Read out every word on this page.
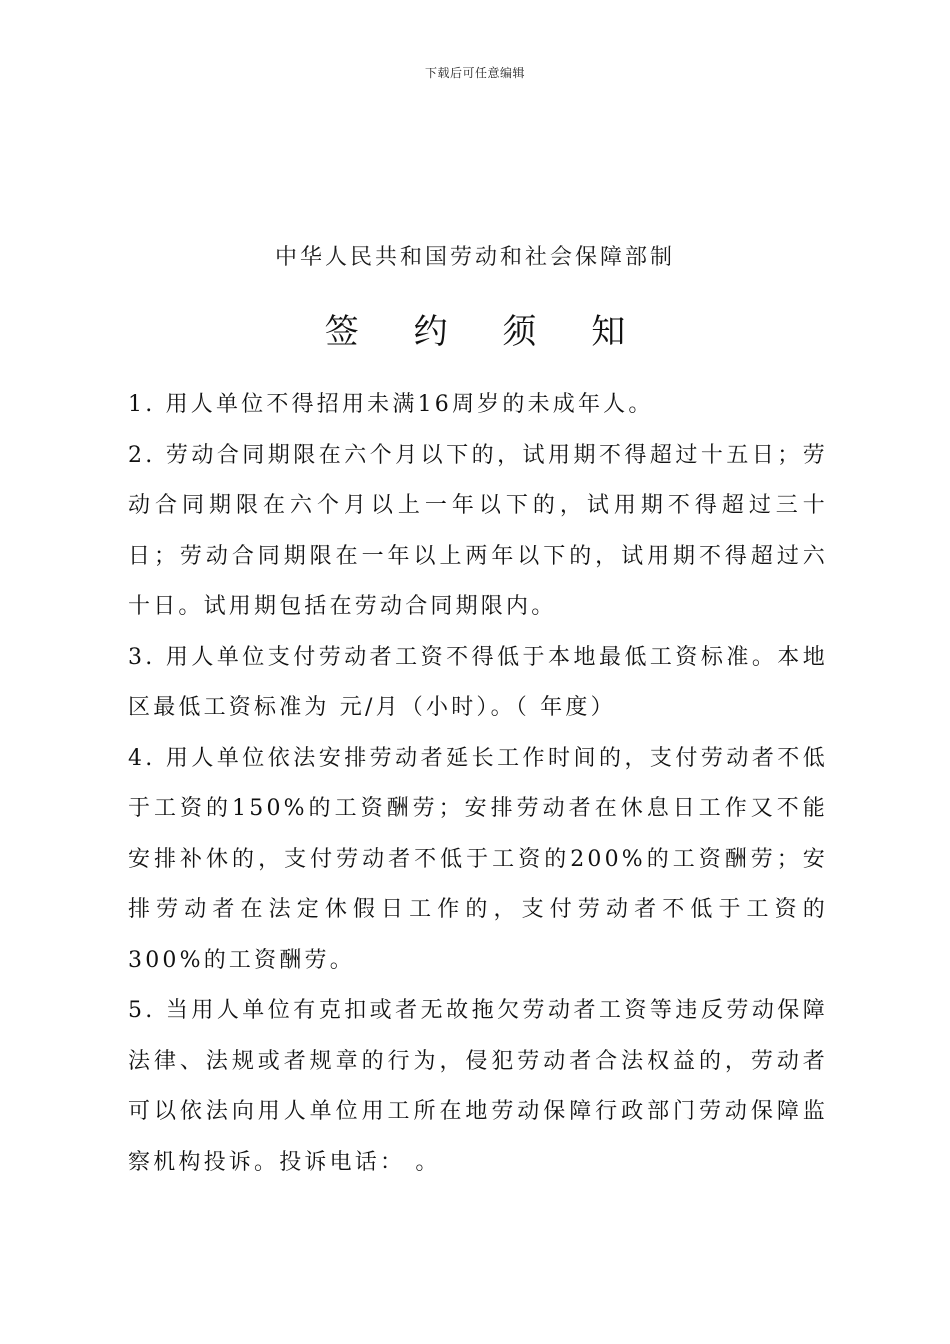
下载后可任意编辑
中华人民共和国劳动和社会保障部制
签 约 须 知

1. 用人单位不得招用未满16周岁的未成年人。

2. 劳动合同期限在六个月以下的，试用期不得超过十五日；劳动合同期限在六个月以上一年以下的，试用期不得超过三十日；劳动合同期限在一年以上两年以下的，试用期不得超过六十日。试用期包括在劳动合同期限内。

3. 用人单位支付劳动者工资不得低于本地最低工资标准。本地区最低工资标准为 元/月（小时）。（ 年度）

4. 用人单位依法安排劳动者延长工作时间的，支付劳动者不低于工资的150%的工资酬劳；安排劳动者在休息日工作又不能安排补休的，支付劳动者不低于工资的200%的工资酬劳；安排劳动者在法定休假日工作的，支付劳动者不低于工资的300%的工资酬劳。

5. 当用人单位有克扣或者无故拖欠劳动者工资等违反劳动保障法律、法规或者规章的行为，侵犯劳动者合法权益的，劳动者可以依法向用人单位用工所在地劳动保障行政部门劳动保障监察机构投诉。投诉电话： 。
